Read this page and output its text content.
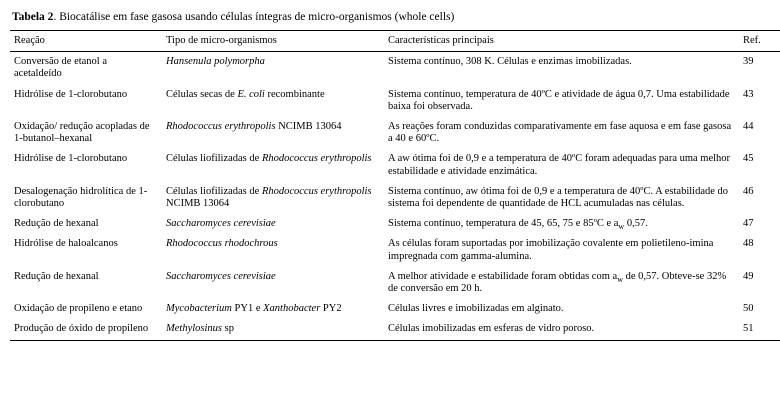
Tabela 2. Biocatálise em fase gasosa usando células íntegras de micro-organismos (whole cells)

Reação	Tipo de micro-organismos	Características principais	Ref.
Conversão de etanol a acetaldeído	Hansenula polymorpha	Sistema contínuo, 308 K. Células e enzimas imobilizadas.	39
Hidrólise de 1-clorobutano	Células secas de E. coli recombinante	Sistema contínuo, temperatura de 40ºC e atividade de água 0,7. Uma estabilidade baixa foi observada.	43
Oxidação/ redução acopladas de 1-butanol–hexanal	Rhodococcus erythropolis NCIMB 13064	As reações foram conduzidas comparativamente em fase aquosa e em fase gasosa a 40 e 60ºC.	44
Hidrólise de 1-clorobutano	Células liofilizadas de Rhodococcus erythropolis	A aw ótima foi de 0,9 e a temperatura de 40ºC foram adequadas para uma melhor estabilidade e atividade enzimática.	45
Desalogenação hidrolítica de 1-clorobutano	Células liofilizadas de Rhodococcus erythropolis NCIMB 13064	Sistema contínuo, aw ótima foi de 0,9 e a temperatura de 40ºC. A estabilidade do sistema foi dependente de quantidade de HCL acumuladas nas células.	46
Redução de hexanal	Saccharomyces cerevisiae	Sistema contínuo, temperatura de 45, 65, 75 e 85ºC e $a_w$ 0,57.	47
Hidrólise de haloalcanos	Rhodococcus rhodochrous	As células foram suportadas por imobilização covalente em polietileno-imina impregnada com gamma-alumina.	48
Redução de hexanal	Saccharomyces cerevisiae	A melhor atividade e estabilidade foram obtidas com $a_w$ de 0,57. Obteve-se 32% de conversão em 20 h.	49
Oxidação de propileno e etano	Mycobacterium PY1 e Xanthobacter PY2	Células livres e imobilizadas em alginato.	50
Produção de óxido de propileno	Methylosinus sp	Células imobilizadas em esferas de vidro poroso.	51
